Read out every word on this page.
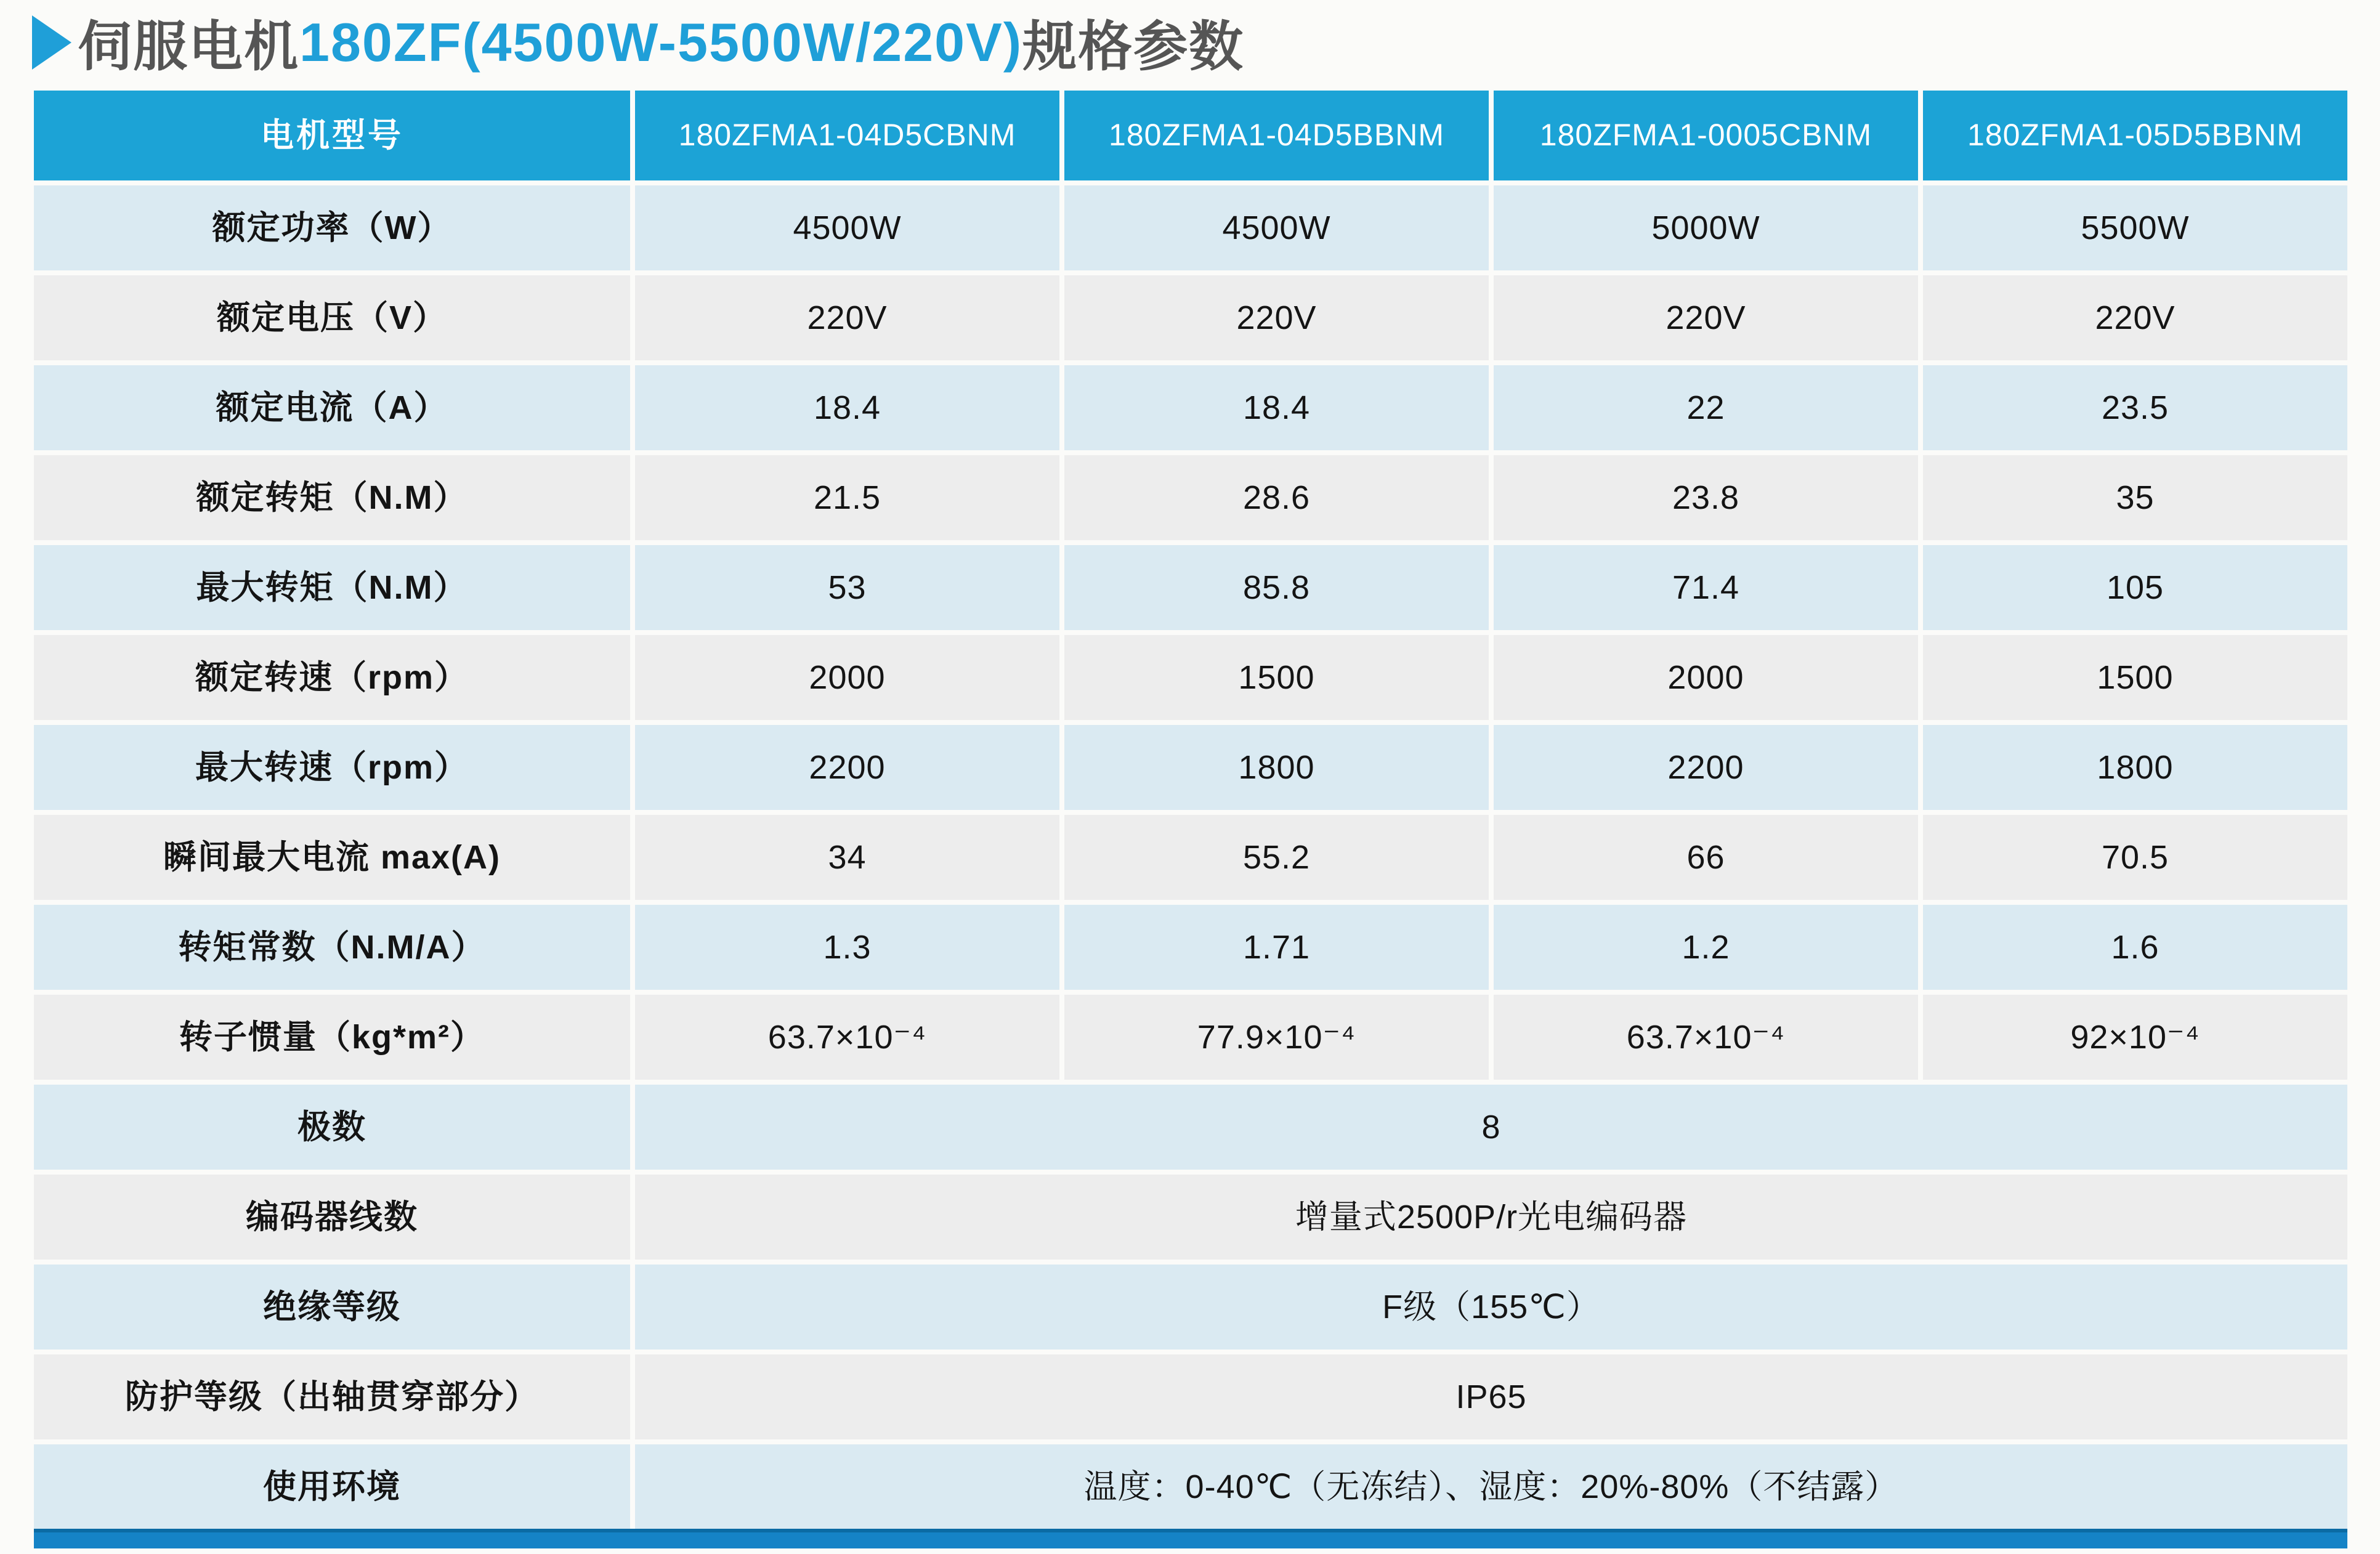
伺服电机 180ZF(4500W-5500W/220V) 规格参数
电机型号	180ZFMA1-04D5CBNM	180ZFMA1-04D5BBNM	180ZFMA1-0005CBNM	180ZFMA1-05D5BBNM
额定功率（W）	4500W	4500W	5000W	5500W
额定电压（V）	220V	220V	220V	220V
额定电流（A）	18.4	18.4	22	23.5
额定转矩（N.M）	21.5	28.6	23.8	35
最大转矩（N.M）	53	85.8	71.4	105
额定转速（rpm）	2000	1500	2000	1500
最大转速（rpm）	2200	1800	2200	1800
瞬间最大电流 max(A)	34	55.2	66	70.5
转矩常数（N.M/A）	1.3	1.71	1.2	1.6
转子惯量（kg*m²）	63.7×10⁻⁴	77.9×10⁻⁴	63.7×10⁻⁴	92×10⁻⁴
极数	8
编码器线数	增量式2500P/r光电编码器
绝缘等级	F级（155℃）
防护等级（出轴贯穿部分）	IP65
使用环境	温度：0-40℃（无冻结）、湿度：20%-80%（不结露）
